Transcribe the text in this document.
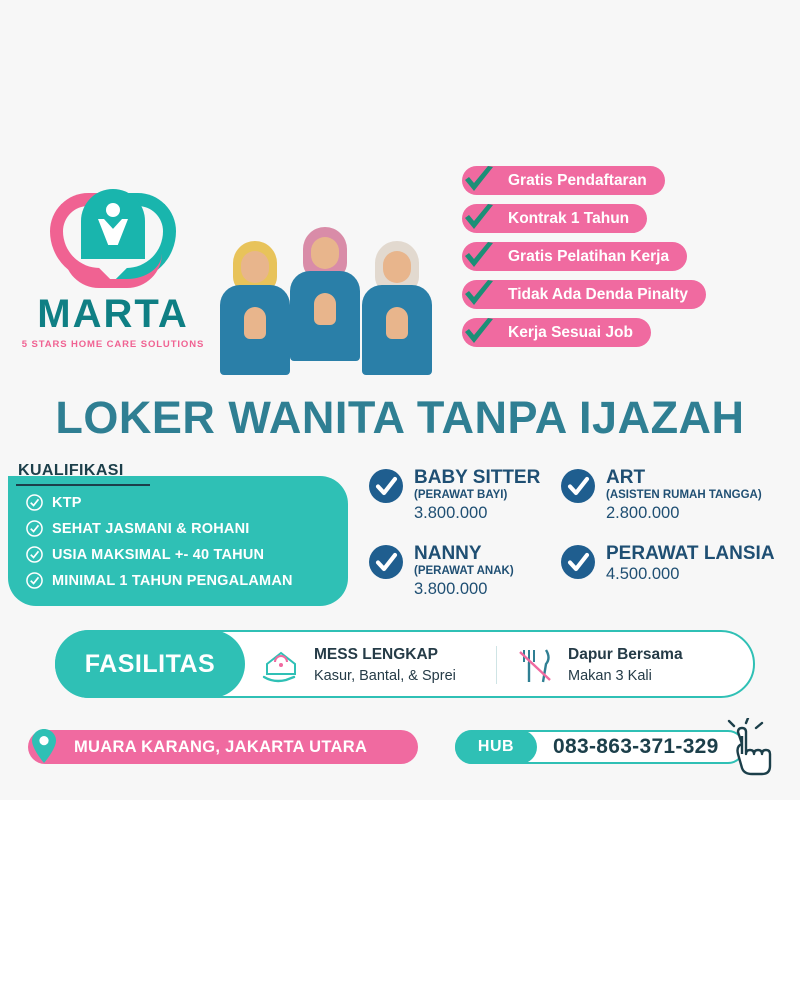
MARTA
5 STARS HOME CARE SOLUTIONS
Gratis Pendaftaran
Kontrak 1 Tahun
Gratis Pelatihan Kerja
Tidak Ada Denda Pinalty
Kerja Sesuai Job
LOKER WANITA TANPA IJAZAH
KUALIFIKASI
KTP
SEHAT JASMANI & ROHANI
USIA MAKSIMAL +- 40 TAHUN
MINIMAL 1 TAHUN PENGALAMAN
BABY SITTER
(PERAWAT BAYI)
3.800.000
ART
(ASISTEN RUMAH TANGGA)
2.800.000
NANNY
(PERAWAT ANAK)
3.800.000
PERAWAT LANSIA
4.500.000
FASILITAS	MESS LENGKAP
Kasur, Bantal, & Sprei
Dapur Bersama
Makan 3 Kali
MUARA KARANG, JAKARTA UTARA	083-863-371-329
HUB
